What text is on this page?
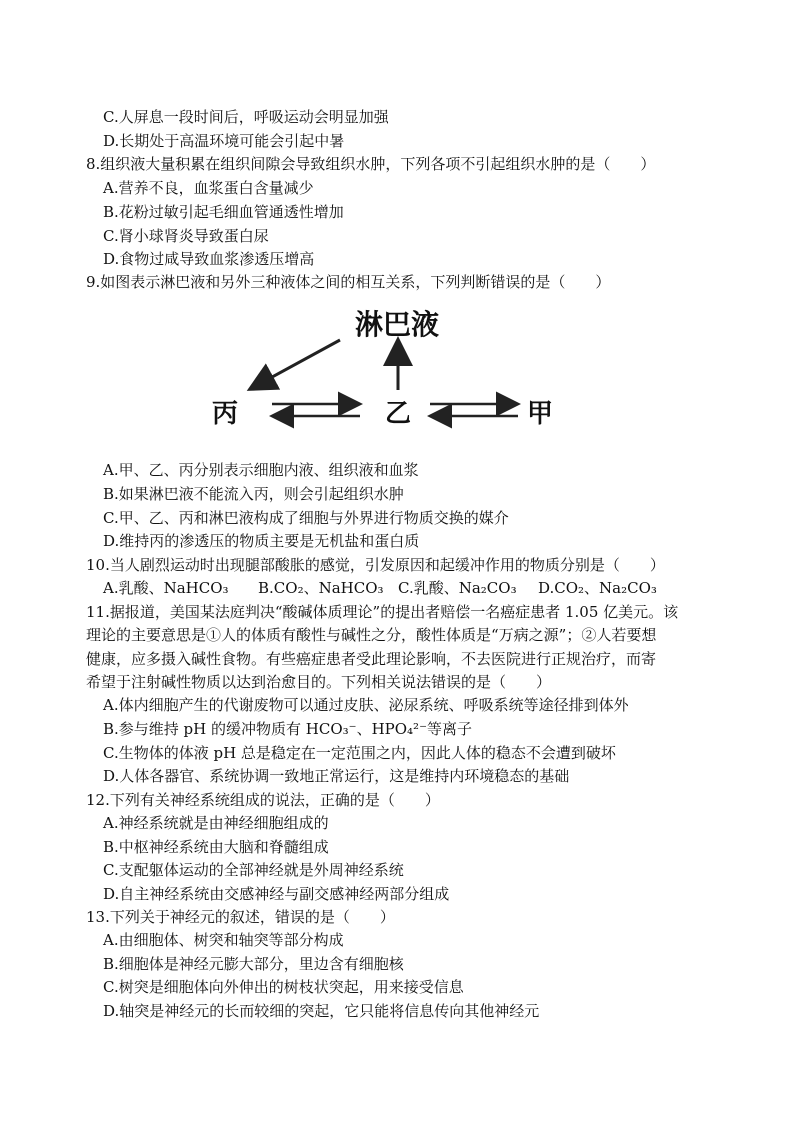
C.人屏息一段时间后，呼吸运动会明显加强
D.长期处于高温环境可能会引起中暑
8.组织液大量积累在组织间隙会导致组织水肿，下列各项不引起组织水肿的是（　　）
A.营养不良，血浆蛋白含量减少
B.花粉过敏引起毛细血管通透性增加
C.肾小球肾炎导致蛋白尿
D.食物过咸导致血浆渗透压增高
9.如图表示淋巴液和另外三种液体之间的相互关系，下列判断错误的是（　　）
淋巴液
丙	乙	甲
A.甲、乙、丙分别表示细胞内液、组织液和血浆
B.如果淋巴液不能流入丙，则会引起组织水肿
C.甲、乙、丙和淋巴液构成了细胞与外界进行物质交换的媒介
D.维持丙的渗透压的物质主要是无机盐和蛋白质
10.当人剧烈运动时出现腿部酸胀的感觉，引发原因和起缓冲作用的物质分别是（　　）
A.乳酸、NaHCO₃	B.CO₂、NaHCO₃ C.乳酸、Na₂CO₃	D.CO₂、Na₂CO₃
11.据报道，美国某法庭判决“酸碱体质理论”的提出者赔偿一名癌症患者 1.05 亿美元。该
理论的主要意思是①人的体质有酸性与碱性之分，酸性体质是“万病之源”；②人若要想
健康，应多摄入碱性食物。有些癌症患者受此理论影响，不去医院进行正规治疗，而寄
希望于注射碱性物质以达到治愈目的。下列相关说法错误的是（　　）
A.体内细胞产生的代谢废物可以通过皮肤、泌尿系统、呼吸系统等途径排到体外
B.参与维持 pH 的缓冲物质有 HCO₃⁻、HPO₄²⁻等离子
C.生物体的体液 pH 总是稳定在一定范围之内，因此人体的稳态不会遭到破坏
D.人体各器官、系统协调一致地正常运行，这是维持内环境稳态的基础
12.下列有关神经系统组成的说法，正确的是（　　）
A.神经系统就是由神经细胞组成的
B.中枢神经系统由大脑和脊髓组成
C.支配躯体运动的全部神经就是外周神经系统
D.自主神经系统由交感神经与副交感神经两部分组成
13.下列关于神经元的叙述，错误的是（　　）
A.由细胞体、树突和轴突等部分构成
B.细胞体是神经元膨大部分，里边含有细胞核
C.树突是细胞体向外伸出的树枝状突起，用来接受信息
D.轴突是神经元的长而较细的突起，它只能将信息传向其他神经元
